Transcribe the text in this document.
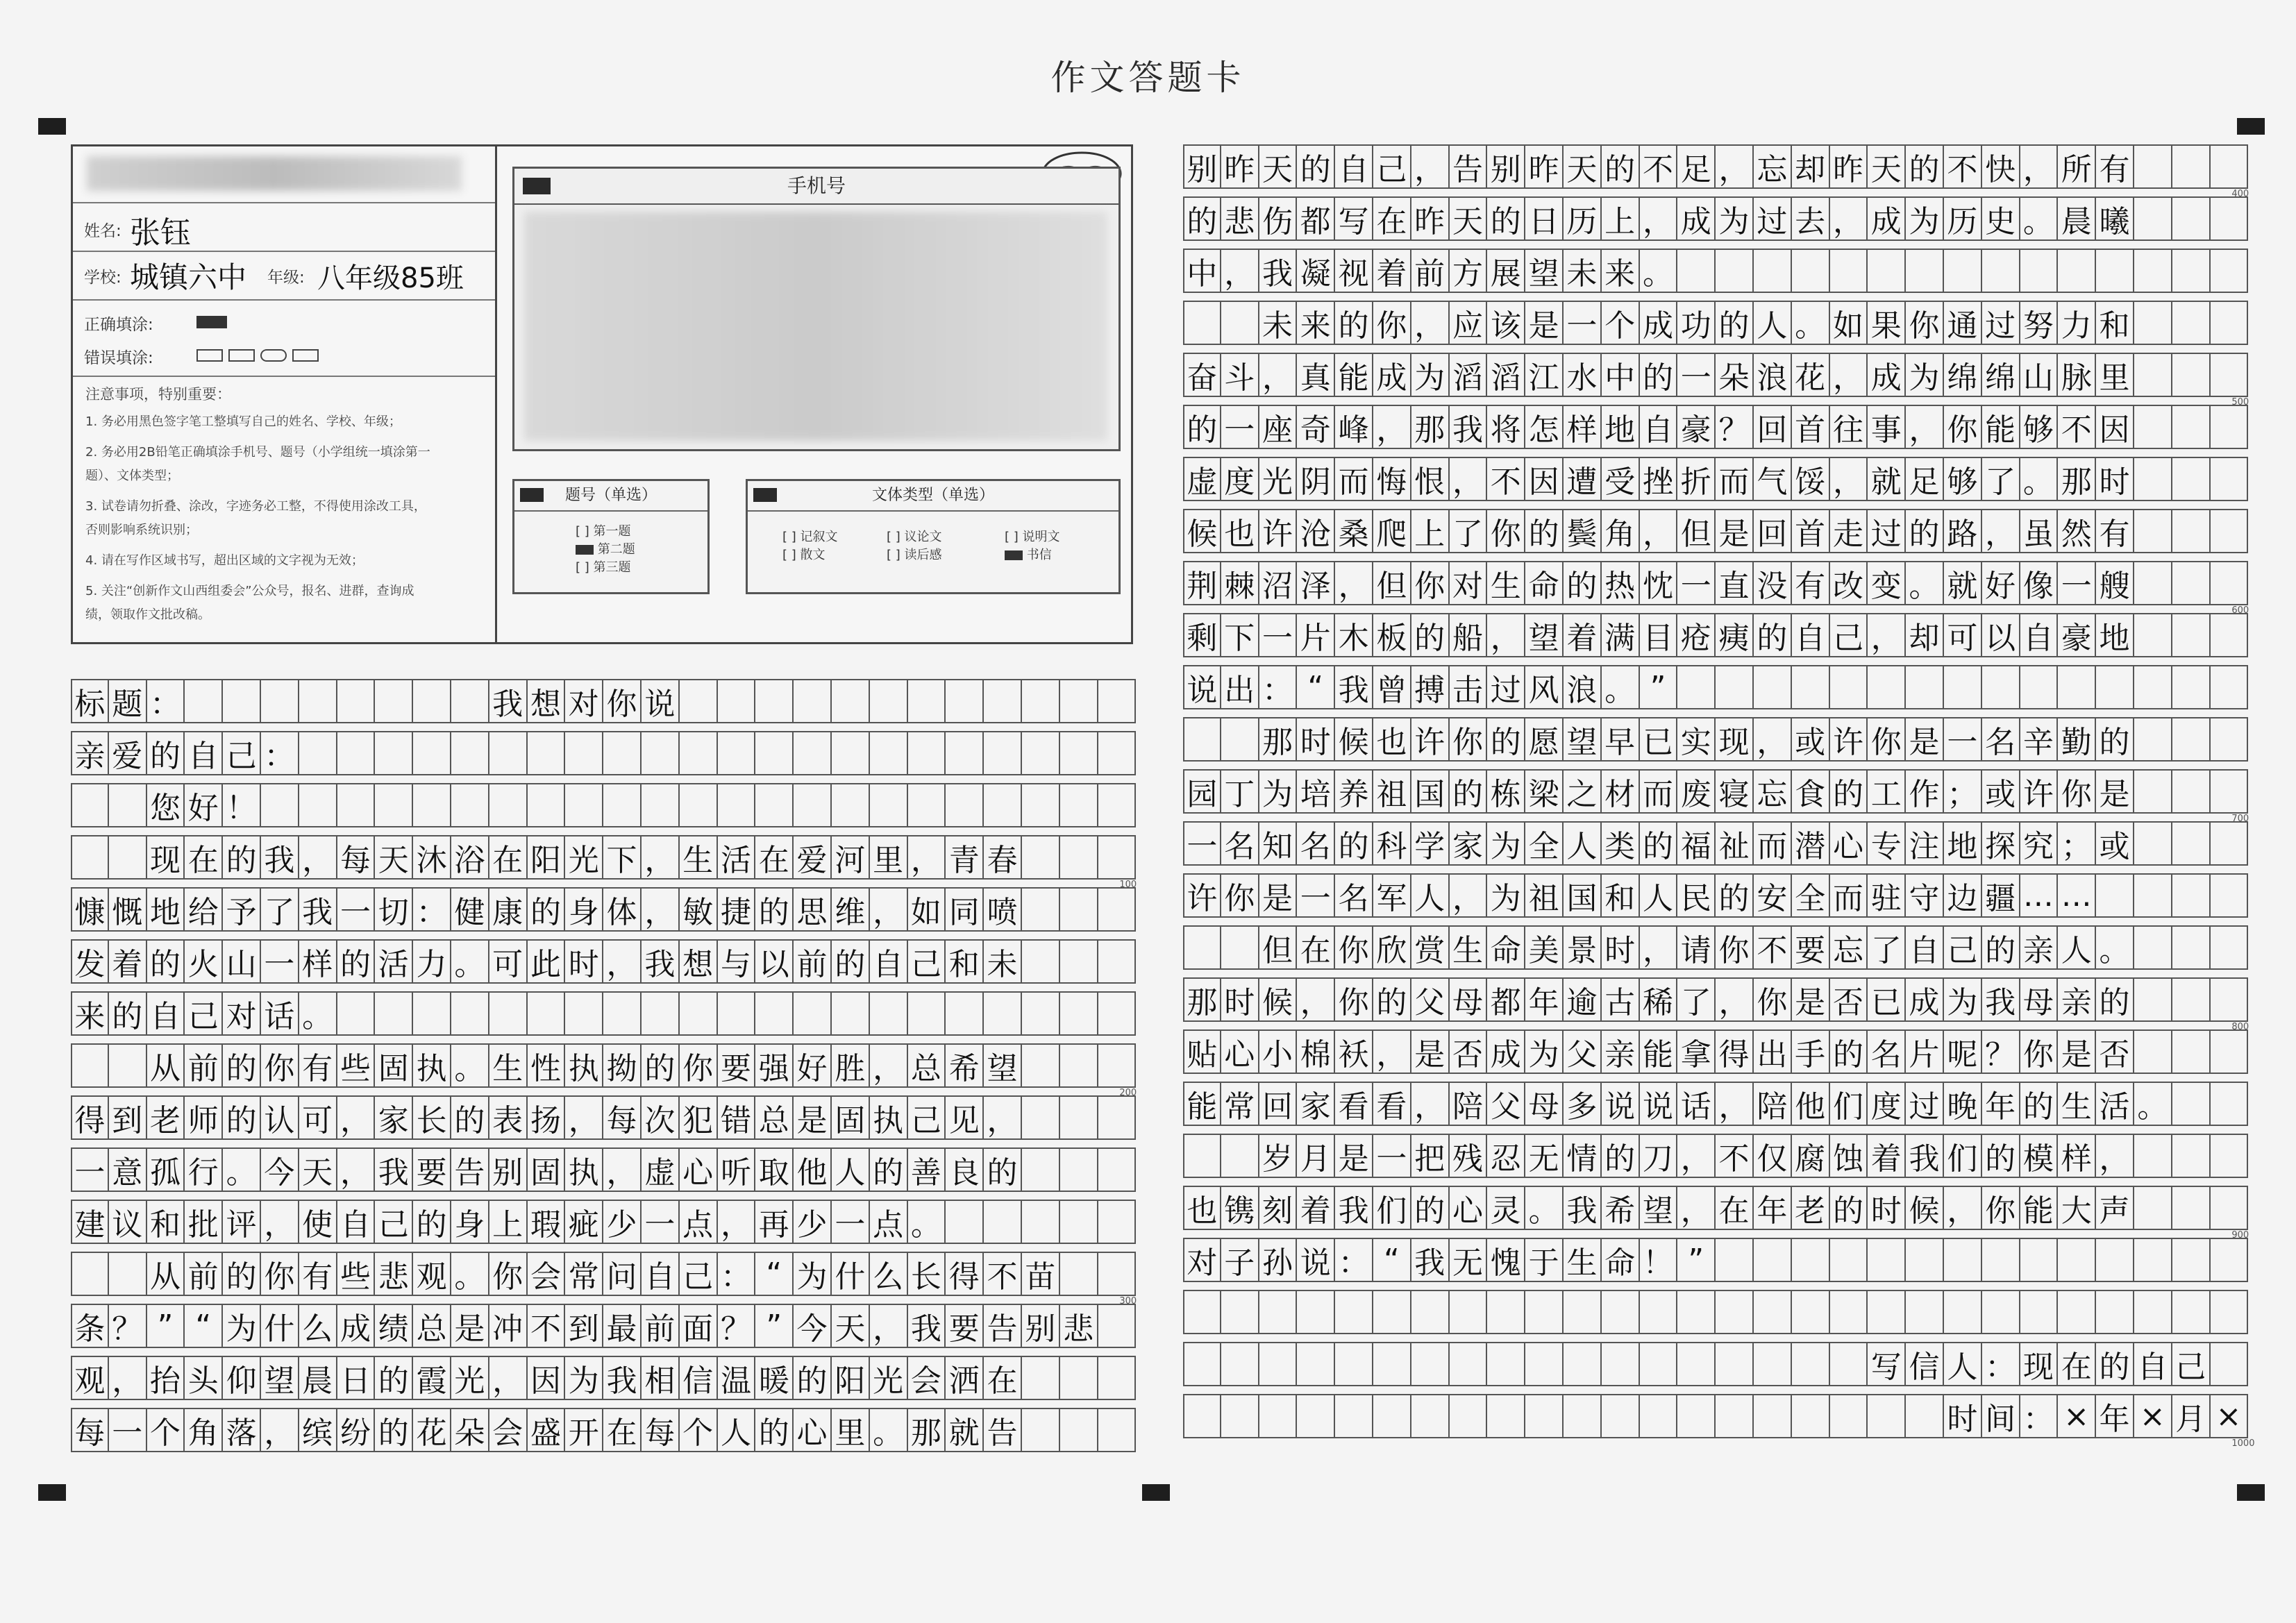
作文答题卡
姓名: 张钰
学校: 城镇六中 年级: 八年级85班
正确填涂:
错误填涂:
注意事项，特别重要：
1. 务必用黑色签字笔工整填写自己的姓名、学校、年级；
2. 务必用2B铅笔正确填涂手机号、题号（小学组统一填涂第一
题）、文体类型；
3. 试卷请勿折叠、涂改，字迹务必工整，不得使用涂改工具，
否则影响系统识别；
4. 请在写作区域书写，超出区域的文字视为无效；
5. 关注“创新作文山西组委会”公众号，报名、进群，查询成
绩，领取作文批改稿。
手机号
题号（单选）
[ ] 第一题
第二题
[ ] 第三题
文体类型（单选）
[ ] 记叙文	[ ] 议论文	[ ] 说明文
[ ] 散文	[ ] 读后感	书信
标 题 ：	我 想 对 你 说
亲 爱 的 自 己 ：
您 好 ！
现 在 的 我 ， 每 天 沐 浴 在 阳 光 下 ， 生 活 在 爱 河 里 ， 青 春
慷 慨 地 给 予 了 我 一 切 ： 健 康 的 身 体 ， 敏 捷 的 思 维 ， 如 同 喷
发 着 的 火 山 一 样 的 活 力 。 可 此 时 ， 我 想 与 以 前 的 自 己 和 未
来 的 自 己 对 话 。
从 前 的 你 有 些 固 执 。 生 性 执 拗 的 你 要 强 好 胜 ， 总 希 望
得 到 老 师 的 认 可 ， 家 长 的 表 扬 ， 每 次 犯 错 总 是 固 执 己 见 ，
一 意 孤 行 。 今 天 ， 我 要 告 别 固 执 ， 虚 心 听 取 他 人 的 善 良 的
建 议 和 批 评 ， 使 自 己 的 身 上 瑕 疵 少 一 点 ， 再 少 一 点 。
从 前 的 你 有 些 悲 观 。 你 会 常 问 自 己 ： “ 为 什 么 长 得 不 苗
条 ？ ” “ 为 什 么 成 绩 总 是 冲 不 到 最 前 面 ？ ” 今 天 ， 我 要 告 别 悲
观 ， 抬 头 仰 望 晨 日 的 霞 光 ， 因 为 我 相 信 温 暖 的 阳 光 会 洒 在
每 一 个 角 落 ， 缤 纷 的 花 朵 会 盛 开 在 每 个 人 的 心 里 。 那 就 告
100
200
300
别 昨 天 的 自 己 ， 告 别 昨 天 的 不 足 ， 忘 却 昨 天 的 不 快 ， 所 有
的 悲 伤 都 写 在 昨 天 的 日 历 上 ， 成 为 过 去 ， 成 为 历 史 。 晨 曦
中 ， 我 凝 视 着 前 方 展 望 未 来 。
未 来 的 你 ， 应 该 是 一 个 成 功 的 人 。 如 果 你 通 过 努 力 和
奋 斗 ， 真 能 成 为 滔 滔 江 水 中 的 一 朵 浪 花 ， 成 为 绵 绵 山 脉 里
的 一 座 奇 峰 ， 那 我 将 怎 样 地 自 豪 ？ 回 首 往 事 ， 你 能 够 不 因
虚 度 光 阴 而 悔 恨 ， 不 因 遭 受 挫 折 而 气 馁 ， 就 足 够 了 。 那 时
候 也 许 沧 桑 爬 上 了 你 的 鬓 角 ， 但 是 回 首 走 过 的 路 ， 虽 然 有
荆 棘 沼 泽 ， 但 你 对 生 命 的 热 忱 一 直 没 有 改 变 。 就 好 像 一 艘
剩 下 一 片 木 板 的 船 ， 望 着 满 目 疮 痍 的 自 己 ， 却 可 以 自 豪 地
说 出 ： “ 我 曾 搏 击 过 风 浪 。 ”
那 时 候 也 许 你 的 愿 望 早 已 实 现 ， 或 许 你 是 一 名 辛 勤 的
园 丁 为 培 养 祖 国 的 栋 梁 之 材 而 废 寝 忘 食 的 工 作 ； 或 许 你 是
一 名 知 名 的 科 学 家 为 全 人 类 的 福 祉 而 潜 心 专 注 地 探 究 ； 或
许 你 是 一 名 军 人 ， 为 祖 国 和 人 民 的 安 全 而 驻 守 边 疆 … …
但 在 你 欣 赏 生 命 美 景 时 ， 请 你 不 要 忘 了 自 己 的 亲 人 。
那 时 候 ， 你 的 父 母 都 年 逾 古 稀 了 ， 你 是 否 已 成 为 我 母 亲 的
贴 心 小 棉 袄 ， 是 否 成 为 父 亲 能 拿 得 出 手 的 名 片 呢 ？ 你 是 否
能 常 回 家 看 看 ， 陪 父 母 多 说 说 话 ， 陪 他 们 度 过 晚 年 的 生 活 。
岁 月 是 一 把 残 忍 无 情 的 刀 ， 不 仅 腐 蚀 着 我 们 的 模 样 ，
也 镌 刻 着 我 们 的 心 灵 。 我 希 望 ， 在 年 老 的 时 候 ， 你 能 大 声
对 子 孙 说 ： “ 我 无 愧 于 生 命 ！ ”
写 信 人 ： 现 在 的 自 己
时 间 ： × 年 × 月 ×
400
500
600
700
800
900
1000
